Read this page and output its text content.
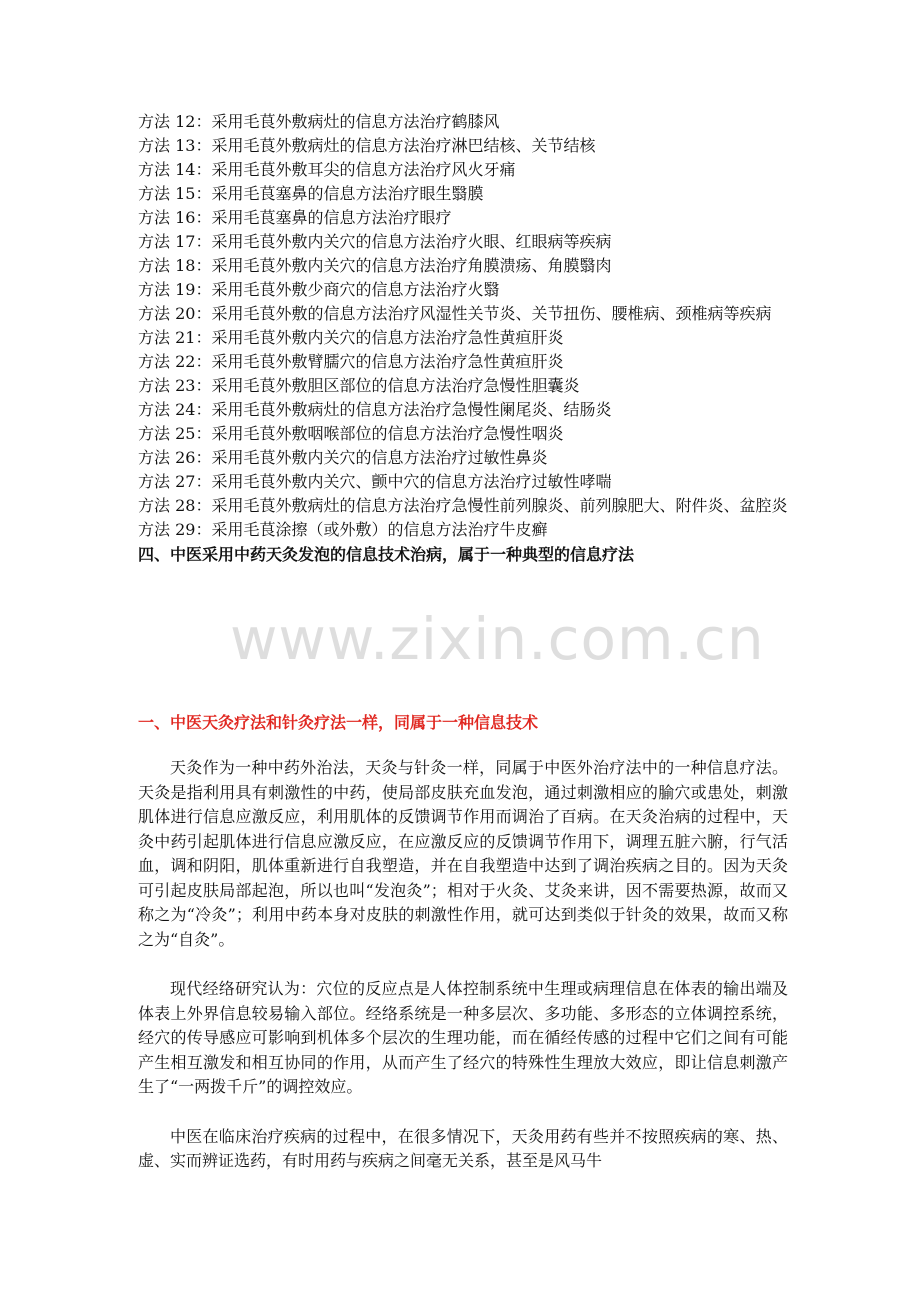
方法 12：采用毛茛外敷病灶的信息方法治疗鹤膝风
方法 13：采用毛茛外敷病灶的信息方法治疗淋巴结核、关节结核
方法 14：采用毛茛外敷耳尖的信息方法治疗风火牙痛
方法 15：采用毛茛塞鼻的信息方法治疗眼生翳膜
方法 16：采用毛茛塞鼻的信息方法治疗眼疗
方法 17：采用毛茛外敷内关穴的信息方法治疗火眼、红眼病等疾病
方法 18：采用毛茛外敷内关穴的信息方法治疗角膜溃疡、角膜翳肉
方法 19：采用毛茛外敷少商穴的信息方法治疗火翳
方法 20：采用毛茛外敷的信息方法治疗风湿性关节炎、关节扭伤、腰椎病、颈椎病等疾病
方法 21：采用毛茛外敷内关穴的信息方法治疗急性黄疸肝炎
方法 22：采用毛茛外敷臂臑穴的信息方法治疗急性黄疸肝炎
方法 23：采用毛茛外敷胆区部位的信息方法治疗急慢性胆囊炎
方法 24：采用毛茛外敷病灶的信息方法治疗急慢性阑尾炎、结肠炎
方法 25：采用毛茛外敷咽喉部位的信息方法治疗急慢性咽炎
方法 26：采用毛茛外敷内关穴的信息方法治疗过敏性鼻炎
方法 27：采用毛茛外敷内关穴、颤中穴的信息方法治疗过敏性哮喘
方法 28：采用毛茛外敷病灶的信息方法治疗急慢性前列腺炎、前列腺肥大、附件炎、盆腔炎
方法 29：采用毛茛涂擦（或外敷）的信息方法治疗牛皮癣

四、中医采用中药天灸发泡的信息技术治病，属于一种典型的信息疗法

www.zixin.com.cn
一、中医天灸疗法和针灸疗法一样，同属于一种信息技术

天灸作为一种中药外治法，天灸与针灸一样，同属于中医外治疗法中的一种信息疗法。天灸是指利用具有刺激性的中药，使局部皮肤充血发泡，通过刺激相应的腧穴或患处，刺激肌体进行信息应激反应，利用肌体的反馈调节作用而调治了百病。在天灸治病的过程中，天灸中药引起肌体进行信息应激反应，在应激反应的反馈调节作用下，调理五脏六腑，行气活血，调和阴阳，肌体重新进行自我塑造，并在自我塑造中达到了调治疾病之目的。因为天灸可引起皮肤局部起泡，所以也叫“发泡灸”；相对于火灸、艾灸来讲，因不需要热源，故而又称之为“冷灸”；利用中药本身对皮肤的刺激性作用，就可达到类似于针灸的效果，故而又称之为“自灸”。

现代经络研究认为：穴位的反应点是人体控制系统中生理或病理信息在体表的输出端及体表上外界信息较易输入部位。经络系统是一种多层次、多功能、多形态的立体调控系统，经穴的传导感应可影响到机体多个层次的生理功能，而在循经传感的过程中它们之间有可能产生相互激发和相互协同的作用，从而产生了经穴的特殊性生理放大效应，即让信息刺激产生了“一两拨千斤”的调控效应。

中医在临床治疗疾病的过程中，在很多情况下，天灸用药有些并不按照疾病的寒、热、虚、实而辨证选药，有时用药与疾病之间毫无关系，甚至是风马牛
